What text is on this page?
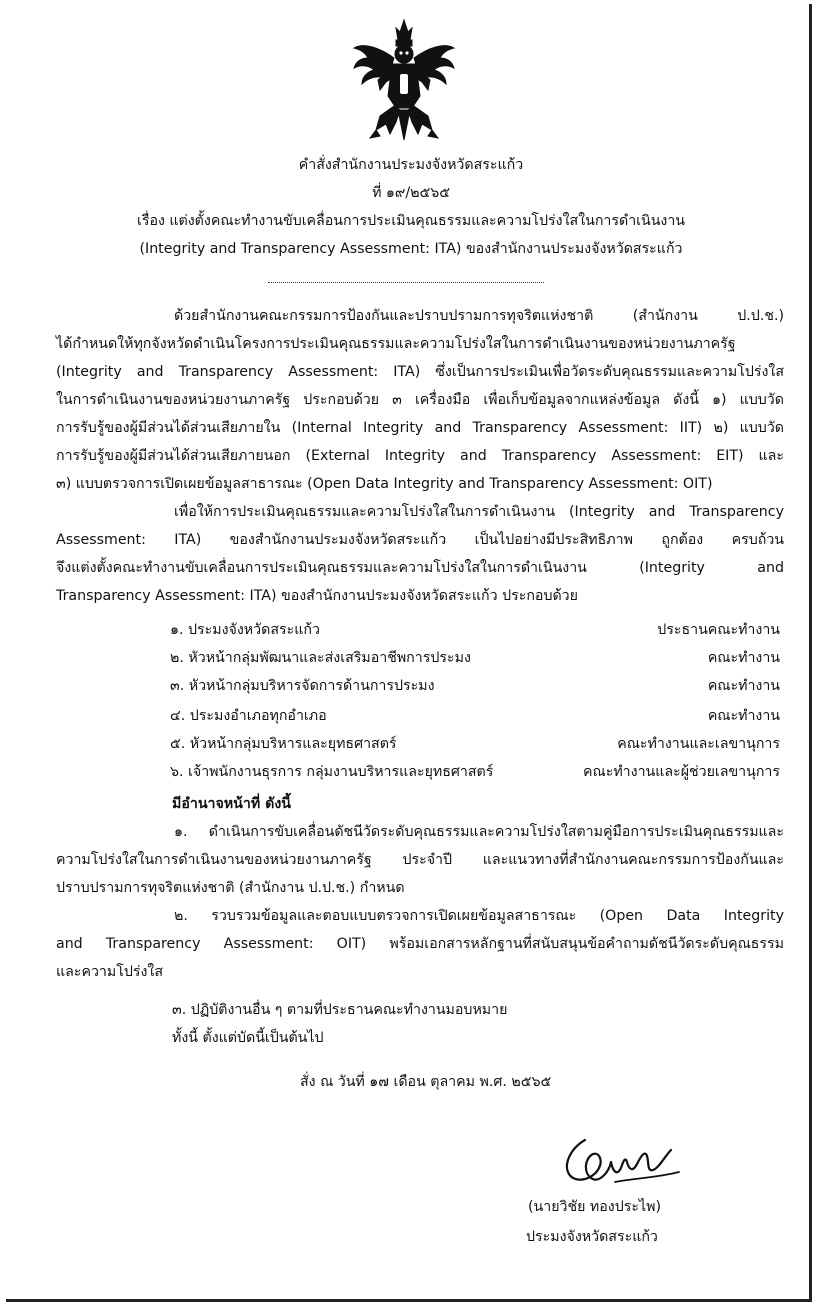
คำสั่งสำนักงานประมงจังหวัดสระแก้ว
ที่ ๑๙/๒๕๖๕
เรื่อง แต่งตั้งคณะทำงานขับเคลื่อนการประเมินคุณธรรมและความโปร่งใสในการดำเนินงาน
(Integrity and Transparency Assessment: ITA) ของสำนักงานประมงจังหวัดสระแก้ว
ด้วยสำนักงานคณะกรรมการป้องกันและปราบปรามการทุจริตแห่งชาติ (สำนักงาน ป.ป.ช.)
ได้กำหนดให้ทุกจังหวัดดำเนินโครงการประเมินคุณธรรมและความโปร่งใสในการดำเนินงานของหน่วยงานภาครัฐ
(Integrity and Transparency Assessment: ITA) ซึ่งเป็นการประเมินเพื่อวัดระดับคุณธรรมและความโปร่งใส
ในการดำเนินงานของหน่วยงานภาครัฐ ประกอบด้วย ๓ เครื่องมือ เพื่อเก็บข้อมูลจากแหล่งข้อมูล ดังนี้ ๑) แบบวัด
การรับรู้ของผู้มีส่วนได้ส่วนเสียภายใน (Internal Integrity and Transparency Assessment: IIT) ๒) แบบวัด
การรับรู้ของผู้มีส่วนได้ส่วนเสียภายนอก (External Integrity and Transparency Assessment: EIT) และ
๓) แบบตรวจการเปิดเผยข้อมูลสาธารณะ (Open Data Integrity and Transparency Assessment: OIT)
เพื่อให้การประเมินคุณธรรมและความโปร่งใสในการดำเนินงาน (Integrity and Transparency
Assessment: ITA) ของสำนักงานประมงจังหวัดสระแก้ว เป็นไปอย่างมีประสิทธิภาพ ถูกต้อง ครบถ้วน
จึงแต่งตั้งคณะทำงานขับเคลื่อนการประเมินคุณธรรมและความโปร่งใสในการดำเนินงาน (Integrity and
Transparency Assessment: ITA) ของสำนักงานประมงจังหวัดสระแก้ว ประกอบด้วย
๑. ประมงจังหวัดสระแก้ว	ประธานคณะทำงาน
๒. หัวหน้ากลุ่มพัฒนาและส่งเสริมอาชีพการประมง	คณะทำงาน
๓. หัวหน้ากลุ่มบริหารจัดการด้านการประมง	คณะทำงาน
๔. ประมงอำเภอทุกอำเภอ	คณะทำงาน
๕. หัวหน้ากลุ่มบริหารและยุทธศาสตร์	คณะทำงานและเลขานุการ
๖. เจ้าพนักงานธุรการ กลุ่มงานบริหารและยุทธศาสตร์	คณะทำงานและผู้ช่วยเลขานุการ
มีอำนาจหน้าที่ ดังนี้
๑. ดำเนินการขับเคลื่อนดัชนีวัดระดับคุณธรรมและความโปร่งใสตามคู่มือการประเมินคุณธรรมและ
ความโปร่งใสในการดำเนินงานของหน่วยงานภาครัฐ ประจำปี และแนวทางที่สำนักงานคณะกรรมการป้องกันและ
ปราบปรามการทุจริตแห่งชาติ (สำนักงาน ป.ป.ช.) กำหนด
๒. รวบรวมข้อมูลและตอบแบบตรวจการเปิดเผยข้อมูลสาธารณะ (Open Data Integrity
and Transparency Assessment: OIT) พร้อมเอกสารหลักฐานที่สนับสนุนข้อคำถามดัชนีวัดระดับคุณธรรม
และความโปร่งใส
๓. ปฏิบัติงานอื่น ๆ ตามที่ประธานคณะทำงานมอบหมาย
ทั้งนี้ ตั้งแต่บัดนี้เป็นต้นไป
สั่ง ณ วันที่ ๑๗ เดือน ตุลาคม พ.ศ. ๒๕๖๕
(นายวิชัย ทองประไพ)
ประมงจังหวัดสระแก้ว
